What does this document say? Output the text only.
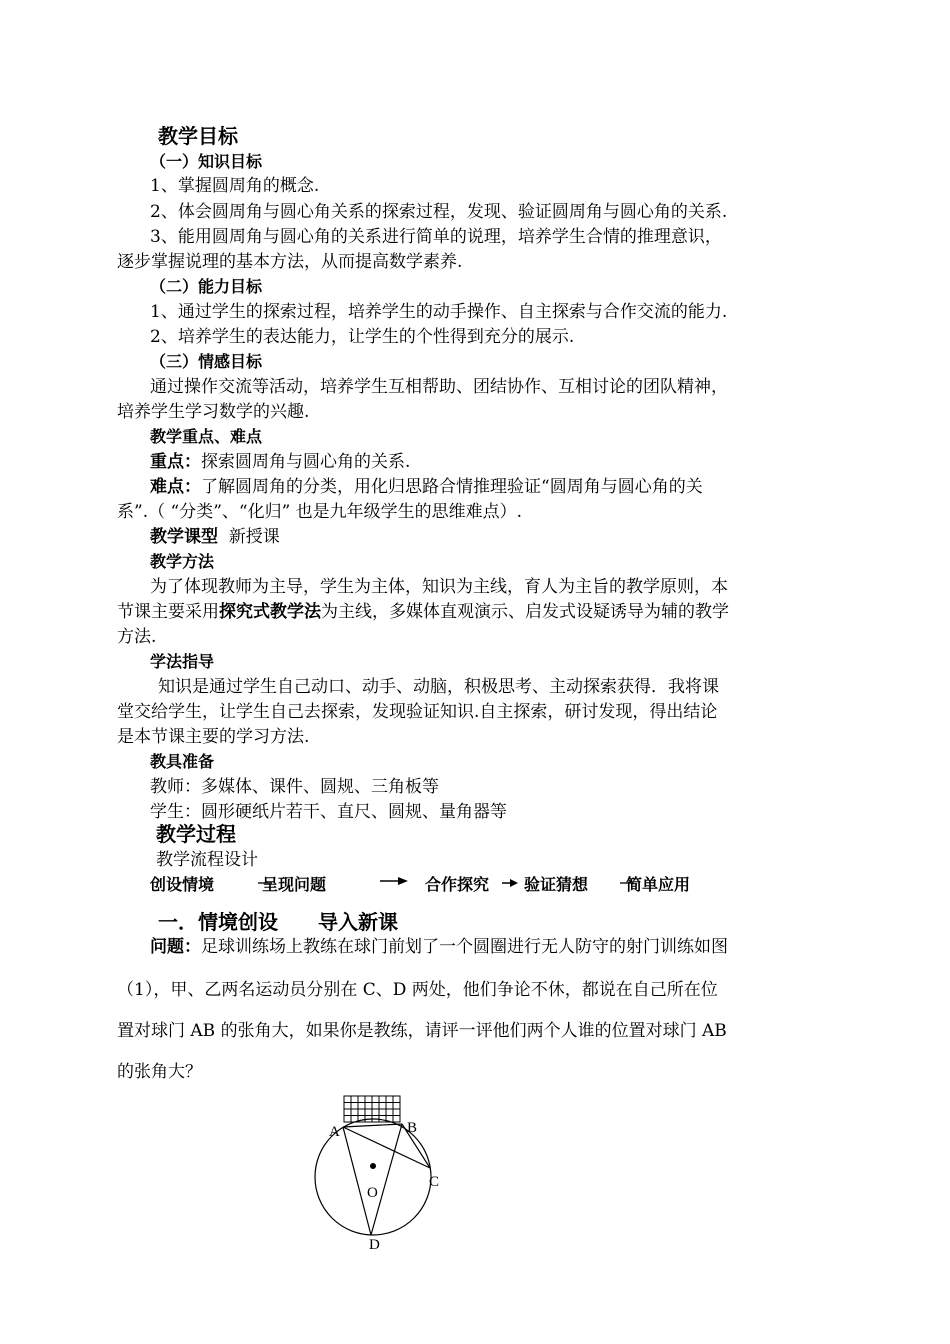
教学目标
（一）知识目标
1、掌握圆周角的概念.
2、体会圆周角与圆心角关系的探索过程，发现、验证圆周角与圆心角的关系.
3、能用圆周角与圆心角的关系进行简单的说理，培养学生合情的推理意识，
逐步掌握说理的基本方法，从而提高数学素养.
（二）能力目标
1、通过学生的探索过程，培养学生的动手操作、自主探索与合作交流的能力.
2、培养学生的表达能力，让学生的个性得到充分的展示.
（三）情感目标
通过操作交流等活动，培养学生互相帮助、团结协作、互相讨论的团队精神，
培养学生学习数学的兴趣.
教学重点、难点
重点：探索圆周角与圆心角的关系.
难点：了解圆周角的分类，用化归思路合情推理验证“圆周角与圆心角的关
系”.（ “分类”、“化归” 也是九年级学生的思维难点）.
教学课型 新授课
教学方法
为了体现教师为主导，学生为主体，知识为主线，育人为主旨的教学原则，本
节课主要采用探究式教学法为主线，多媒体直观演示、启发式设疑诱导为辅的教学
方法.
学法指导
知识是通过学生自己动口、动手、动脑，积极思考、主动探索获得．我将课
堂交给学生，让学生自己去探索，发现验证知识.自主探索，研讨发现，得出结论
是本节课主要的学习方法.
教具准备
教师：多媒体、课件、圆规、三角板等
学生：圆形硬纸片若干、直尺、圆规、量角器等
教学过程
教学流程设计
创设情境	呈现问题	合作探究 验证猜想 简单应用
一．情境创设　　导入新课
问题：足球训练场上教练在球门前划了一个圆圈进行无人防守的射门训练如图
（1），甲、乙两名运动员分别在 C、D 两处，他们争论不休，都说在自己所在位
置对球门 AB 的张角大，如果你是教练，请评一评他们两个人谁的位置对球门 AB
的张角大？
A	B
C
O
D
